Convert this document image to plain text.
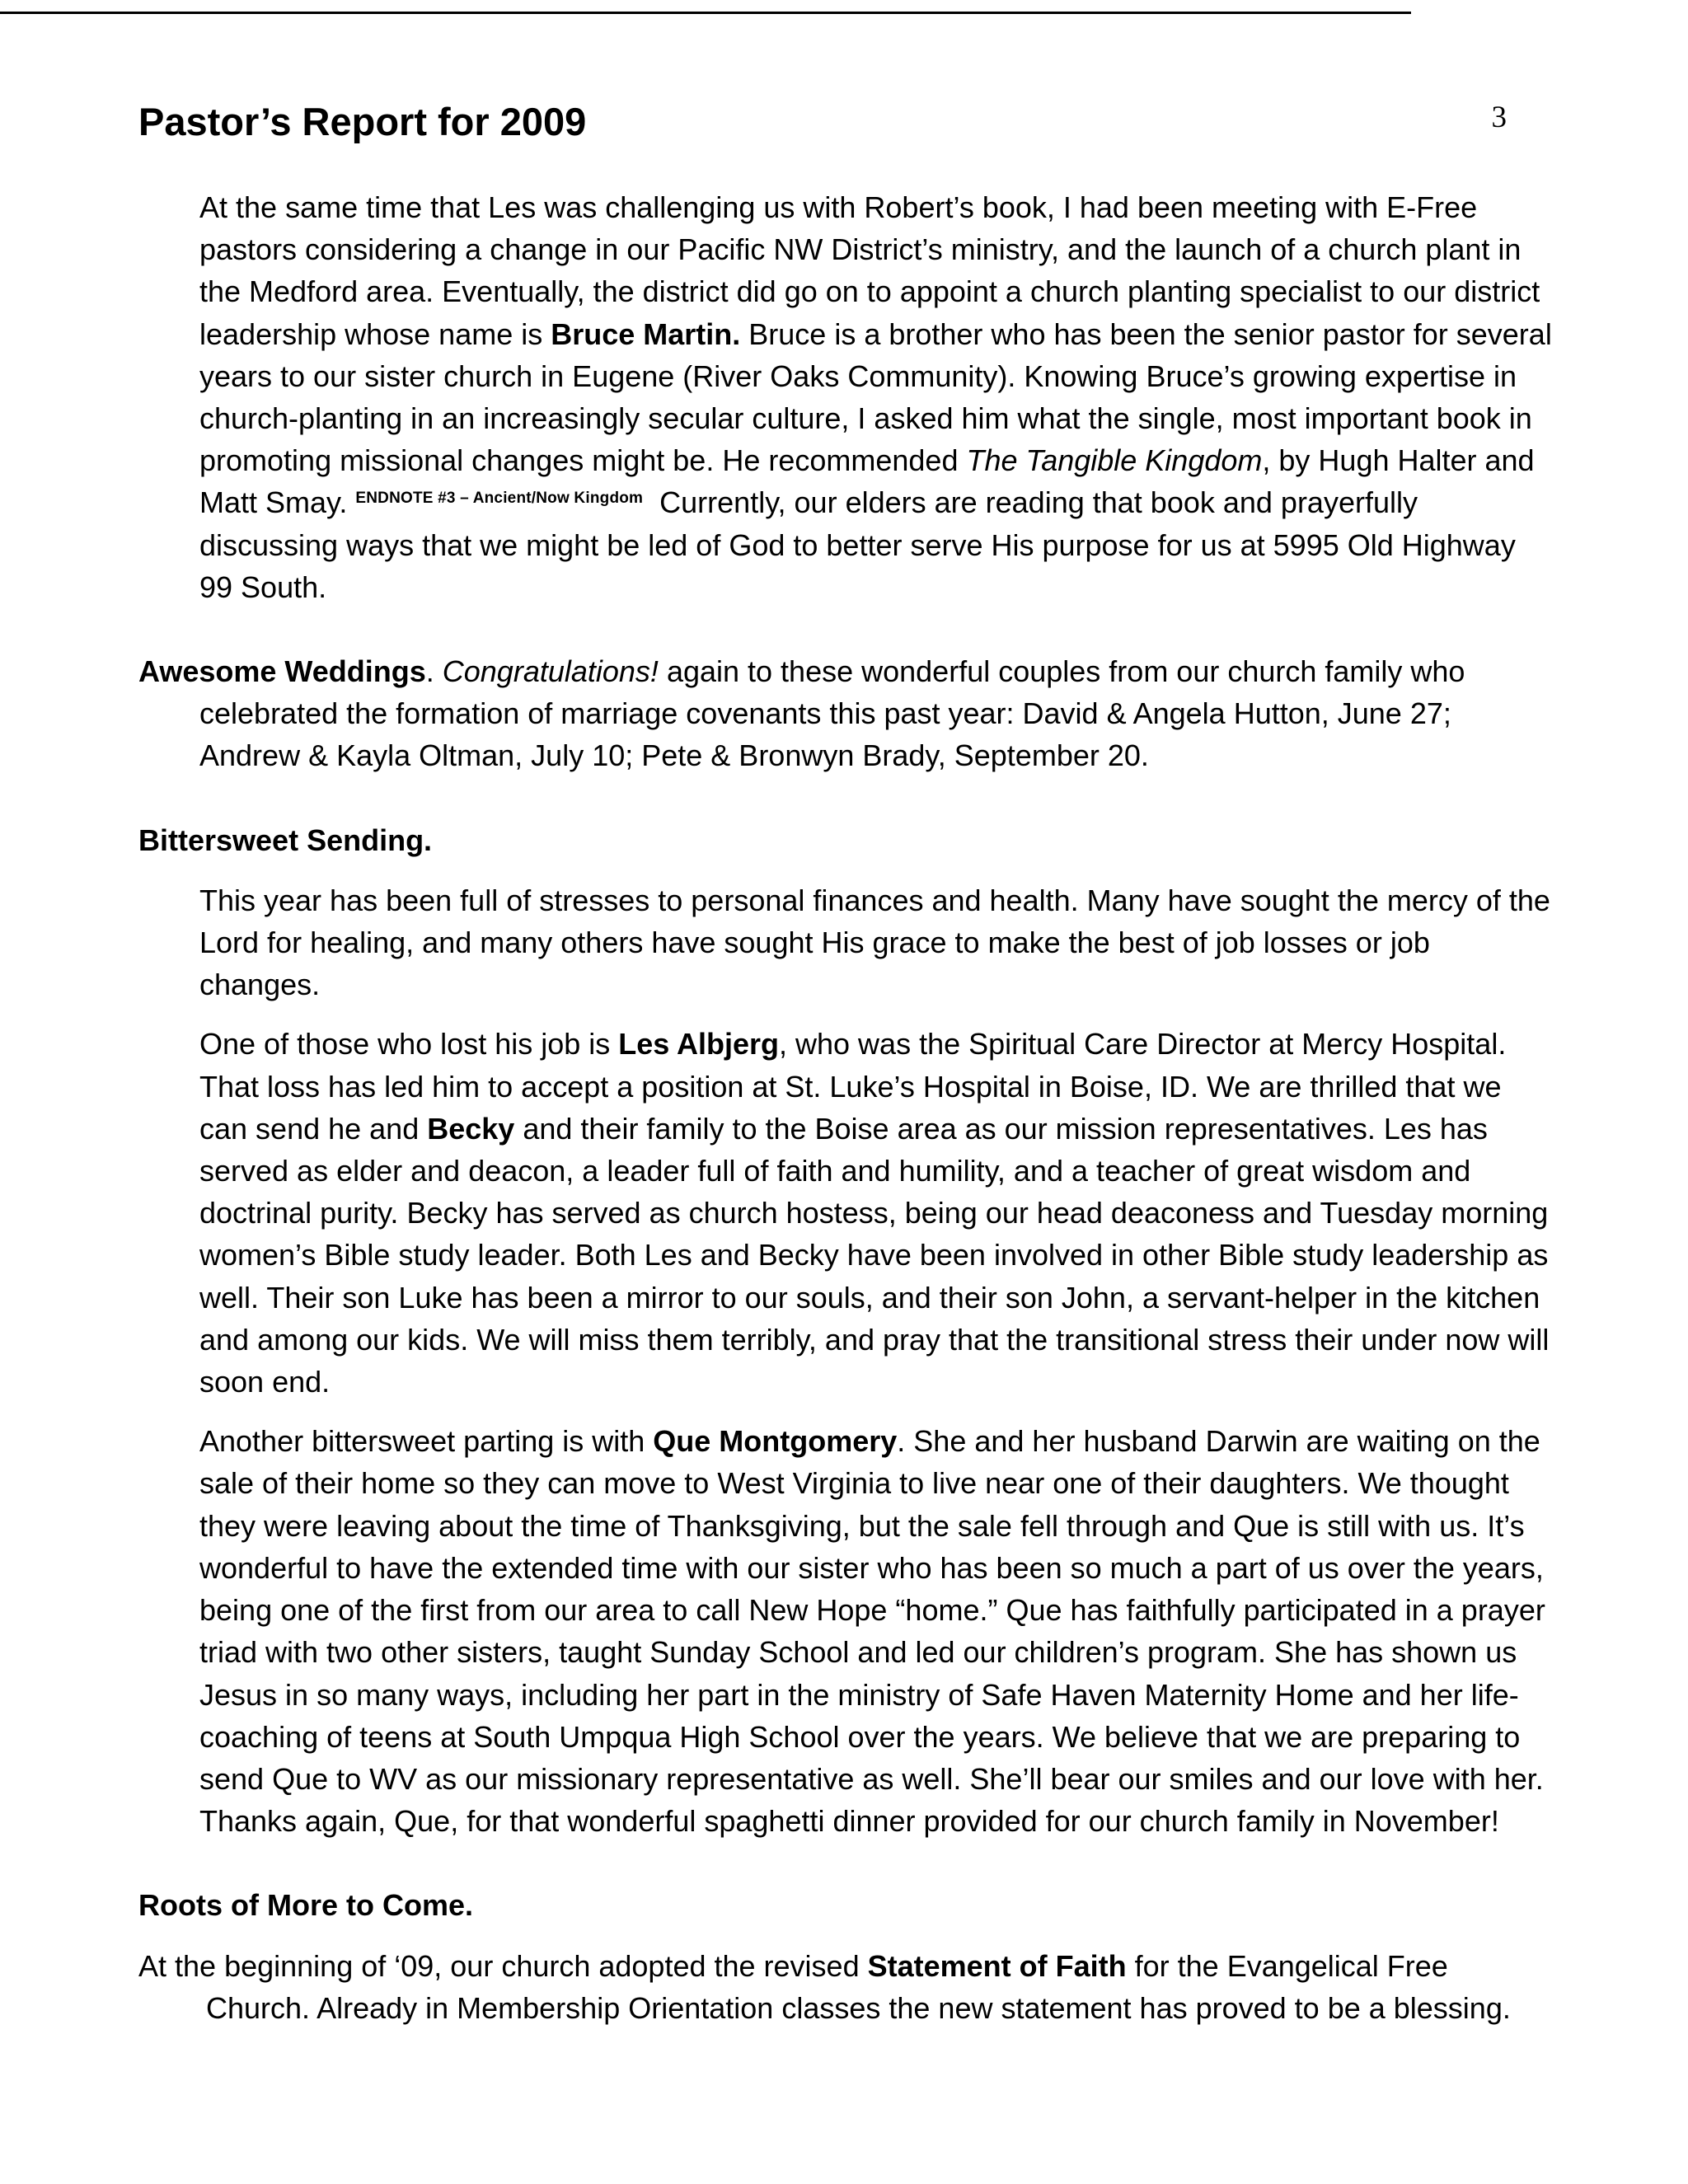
Pastor’s Report for 2009	3

At the same time that Les was challenging us with Robert’s book, I had been meeting with E-Free pastors considering a change in our Pacific NW District’s ministry, and the launch of a church plant in the Medford area. Eventually, the district did go on to appoint a church planting specialist to our district leadership whose name is Bruce Martin. Bruce is a brother who has been the senior pastor for several years to our sister church in Eugene (River Oaks Community). Knowing Bruce’s growing expertise in church-planting in an increasingly secular culture, I asked him what the single, most important book in promoting missional changes might be. He recommended The Tangible Kingdom, by Hugh Halter and Matt Smay. $^{ENDNOTE \#3 - Ancient/Now Kingdom}$ Currently, our elders are reading that book and prayerfully discussing ways that we might be led of God to better serve His purpose for us at 5995 Old Highway 99 South.

Awesome Weddings. Congratulations! again to these wonderful couples from our church family who celebrated the formation of marriage covenants this past year: David & Angela Hutton, June 27; Andrew & Kayla Oltman, July 10; Pete & Bronwyn Brady, September 20.

Bittersweet Sending.

This year has been full of stresses to personal finances and health. Many have sought the mercy of the Lord for healing, and many others have sought His grace to make the best of job losses or job changes.

One of those who lost his job is Les Albjerg, who was the Spiritual Care Director at Mercy Hospital. That loss has led him to accept a position at St. Luke’s Hospital in Boise, ID. We are thrilled that we can send he and Becky and their family to the Boise area as our mission representatives. Les has served as elder and deacon, a leader full of faith and humility, and a teacher of great wisdom and doctrinal purity. Becky has served as church hostess, being our head deaconess and Tuesday morning women’s Bible study leader. Both Les and Becky have been involved in other Bible study leadership as well. Their son Luke has been a mirror to our souls, and their son John, a servant-helper in the kitchen and among our kids. We will miss them terribly, and pray that the transitional stress their under now will soon end.

Another bittersweet parting is with Que Montgomery. She and her husband Darwin are waiting on the sale of their home so they can move to West Virginia to live near one of their daughters. We thought they were leaving about the time of Thanksgiving, but the sale fell through and Que is still with us. It’s wonderful to have the extended time with our sister who has been so much a part of us over the years, being one of the first from our area to call New Hope “home.” Que has faithfully participated in a prayer triad with two other sisters, taught Sunday School and led our children’s program. She has shown us Jesus in so many ways, including her part in the ministry of Safe Haven Maternity Home and her life-coaching of teens at South Umpqua High School over the years. We believe that we are preparing to send Que to WV as our missionary representative as well. She’ll bear our smiles and our love with her. Thanks again, Que, for that wonderful spaghetti dinner provided for our church family in November!

Roots of More to Come.

At the beginning of ‘09, our church adopted the revised Statement of Faith for the Evangelical Free Church. Already in Membership Orientation classes the new statement has proved to be a blessing.
